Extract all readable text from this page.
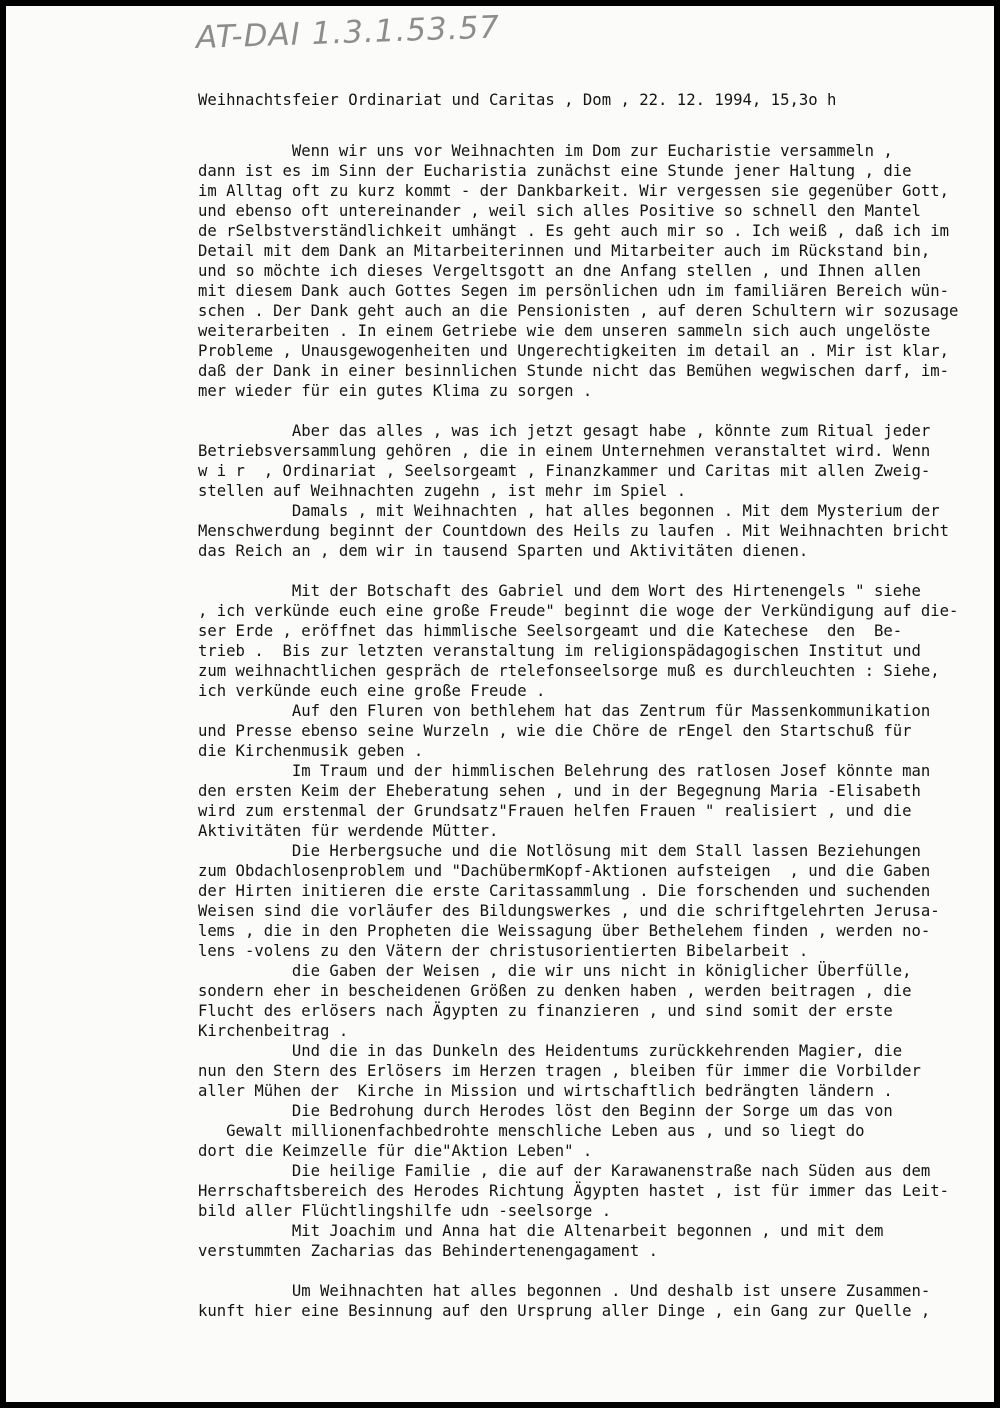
AT-DAI 1.3.1.53.57
Weihnachtsfeier Ordinariat und Caritas , Dom , 22. 12. 1994, 15,3o h
Wenn wir uns vor Weihnachten im Dom zur Eucharistie versammeln ,
dann ist es im Sinn der Eucharistia zunächst eine Stunde jener Haltung , die
im Alltag oft zu kurz kommt - der Dankbarkeit. Wir vergessen sie gegenüber Gott,
und ebenso oft untereinander , weil sich alles Positive so schnell den Mantel
de rSelbstverständlichkeit umhängt . Es geht auch mir so . Ich weiß , daß ich im
Detail mit dem Dank an Mitarbeiterinnen und Mitarbeiter auch im Rückstand bin,
und so möchte ich dieses Vergeltsgott an dne Anfang stellen , und Ihnen allen
mit diesem Dank auch Gottes Segen im persönlichen udn im familiären Bereich wün-
schen . Der Dank geht auch an die Pensionisten , auf deren Schultern wir sozusage
weiterarbeiten . In einem Getriebe wie dem unseren sammeln sich auch ungelöste
Probleme , Unausgewogenheiten und Ungerechtigkeiten im detail an . Mir ist klar,
daß der Dank in einer besinnlichen Stunde nicht das Bemühen wegwischen darf, im-
mer wieder für ein gutes Klima zu sorgen .
Aber das alles , was ich jetzt gesagt habe , könnte zum Ritual jeder
Betriebsversammlung gehören , die in einem Unternehmen veranstaltet wird. Wenn
w i r  , Ordinariat , Seelsorgeamt , Finanzkammer und Caritas mit allen Zweig-
stellen auf Weihnachten zugehn , ist mehr im Spiel .
Damals , mit Weihnachten , hat alles begonnen . Mit dem Mysterium der
Menschwerdung beginnt der Countdown des Heils zu laufen . Mit Weihnachten bricht
das Reich an , dem wir in tausend Sparten und Aktivitäten dienen.
Mit der Botschaft des Gabriel und dem Wort des Hirtenengels " siehe
, ich verkünde euch eine große Freude" beginnt die woge der Verkündigung auf die-
ser Erde , eröffnet das himmlische Seelsorgeamt und die Katechese  den  Be-
trieb .  Bis zur letzten veranstaltung im religionspädagogischen Institut und
zum weihnachtlichen gespräch de rtelefonseelsorge muß es durchleuchten : Siehe,
ich verkünde euch eine große Freude .
Auf den Fluren von bethlehem hat das Zentrum für Massenkommunikation
und Presse ebenso seine Wurzeln , wie die Chöre de rEngel den Startschuß für
die Kirchenmusik geben .
Im Traum und der himmlischen Belehrung des ratlosen Josef könnte man
den ersten Keim der Eheberatung sehen , und in der Begegnung Maria -Elisabeth
wird zum erstenmal der Grundsatz"Frauen helfen Frauen " realisiert , und die
Aktivitäten für werdende Mütter.
Die Herbergsuche und die Notlösung mit dem Stall lassen Beziehungen
zum Obdachlosenproblem und "DachübermKopf-Aktionen aufsteigen  , und die Gaben
der Hirten initieren die erste Caritassammlung . Die forschenden und suchenden
Weisen sind die vorläufer des Bildungswerkes , und die schriftgelehrten Jerusa-
lems , die in den Propheten die Weissagung über Bethelehem finden , werden no-
lens -volens zu den Vätern der christusorientierten Bibelarbeit .
die Gaben der Weisen , die wir uns nicht in königlicher Überfülle,
sondern eher in bescheidenen Größen zu denken haben , werden beitragen , die
Flucht des erlösers nach Ägypten zu finanzieren , und sind somit der erste
Kirchenbeitrag .
Und die in das Dunkeln des Heidentums zurückkehrenden Magier, die
nun den Stern des Erlösers im Herzen tragen , bleiben für immer die Vorbilder
aller Mühen der  Kirche in Mission und wirtschaftlich bedrängten ländern .
Die Bedrohung durch Herodes löst den Beginn der Sorge um das von
Gewalt millionenfachbedrohte menschliche Leben aus , und so liegt do
dort die Keimzelle für die"Aktion Leben" .
Die heilige Familie , die auf der Karawanenstraße nach Süden aus dem
Herrschaftsbereich des Herodes Richtung Ägypten hastet , ist für immer das Leit-
bild aller Flüchtlingshilfe udn -seelsorge .
Mit Joachim und Anna hat die Altenarbeit begonnen , und mit dem
verstummten Zacharias das Behindertenengagament .
Um Weihnachten hat alles begonnen . Und deshalb ist unsere Zusammen-
kunft hier eine Besinnung auf den Ursprung aller Dinge , ein Gang zur Quelle ,
